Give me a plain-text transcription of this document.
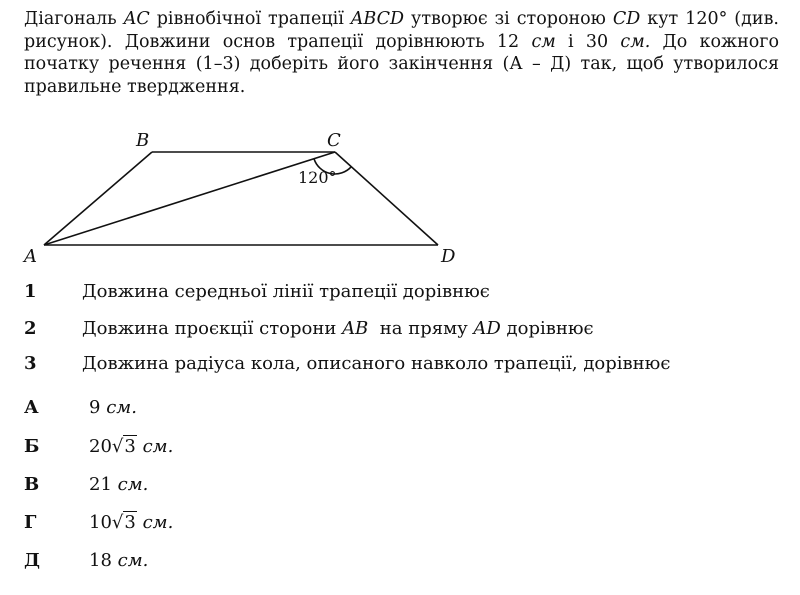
Діагональ AC рівнобічної трапеції ABCD утворює зі стороною CD кут 120° (див. рисунок). Довжини основ трапеції дорівнюють 12 см і 30 см. До кожного початку речення (1–3) доберіть його закінчення (А – Д) так, щоб утворилося правильне твердження.
B	C
A	D
120°
1	Довжина середньої лінії трапеції дорівнює
2	Довжина проєкції сторони AB  на пряму AD дорівнює
3	Довжина радіуса кола, описаного навколо трапеції, дорівнює
А	9 см.
Б	20√3 см.
В	21 см.
Г	10√3 см.
Д	18 см.
